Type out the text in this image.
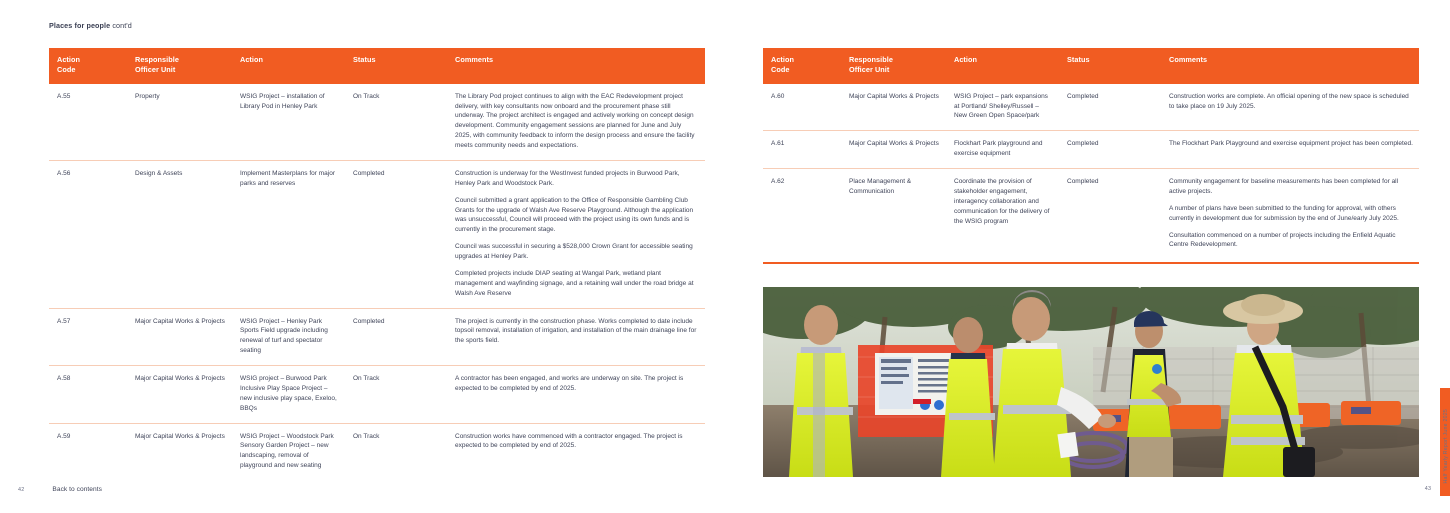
Places for people cont'd
Action
Code	Responsible
Officer Unit	Action	Status	Comments
A.55	Property	WSIG Project – installation of Library Pod in Henley Park	On Track	The Library Pod project continues to align with the EAC Redevelopment project delivery, with key consultants now onboard and the procurement phase still underway. The project architect is engaged and actively working on concept design development. Community engagement sessions are planned for June and July 2025, with community feedback to inform the design process and ensure the facility meets community needs and expectations.

A.56	Design & Assets	Implement Masterplans for major parks and reserves	Completed	Construction is underway for the WestInvest funded projects in Burwood Park, Henley Park and Woodstock Park.

Council submitted a grant application to the Office of Responsible Gambling Club Grants for the upgrade of Walsh Ave Reserve Playground. Although the application was unsuccessful, Council will proceed with the project using its own funds and is currently in the procurement stage.

Council was successful in securing a $528,000 Crown Grant for accessible seating upgrades at Henley Park.

Completed projects include DIAP seating at Wangal Park, wetland plant management and wayfinding signage, and a retaining wall under the road bridge at Walsh Ave Reserve

A.57	Major Capital Works & Projects	WSIG Project – Henley Park Sports Field upgrade including renewal of turf and spectator seating	Completed	The project is currently in the construction phase. Works completed to date include topsoil removal, installation of irrigation, and installation of the main drainage line for the sports field.

A.58	Major Capital Works & Projects	WSIG project – Burwood Park Inclusive Play Space Project – new inclusive play space, Exeloo, BBQs	On Track	A contractor has been engaged, and works are underway on site. The project is expected to be completed by end of 2025.

A.59	Major Capital Works & Projects	WSIG Project – Woodstock Park Sensory Garden Project – new landscaping, removal of playground and new seating	On Track	Construction works have commenced with a contractor engaged. The project is expected to be completed by end of 2025.

42	Back to contents
Action
Code	Responsible
Officer Unit	Action	Status	Comments
A.60	Major Capital Works & Projects	WSIG Project – park expansions at Portland/ Shelley/Russell – New Green Open Space/park	Completed	Construction works are complete. An official opening of the new space is scheduled to take place on 19 July 2025.

A.61	Major Capital Works & Projects	Flockhart Park playground and exercise equipment	Completed	The Flockhart Park Playground and exercise equipment project has been completed.

A.62	Place Management & Communication	Coordinate the provision of stakeholder engagement, interagency collaboration and communication for the delivery of the WSIG program	Completed	Community engagement for baseline measurements has been completed for all active projects.

A number of plans have been submitted to the funding for approval, with others currently in development due for submission by the end of June/early July 2025.

Consultation commenced on a number of projects including the Enfield Aquatic Centre Redevelopment.

Half Yearly Report June 2025
43
